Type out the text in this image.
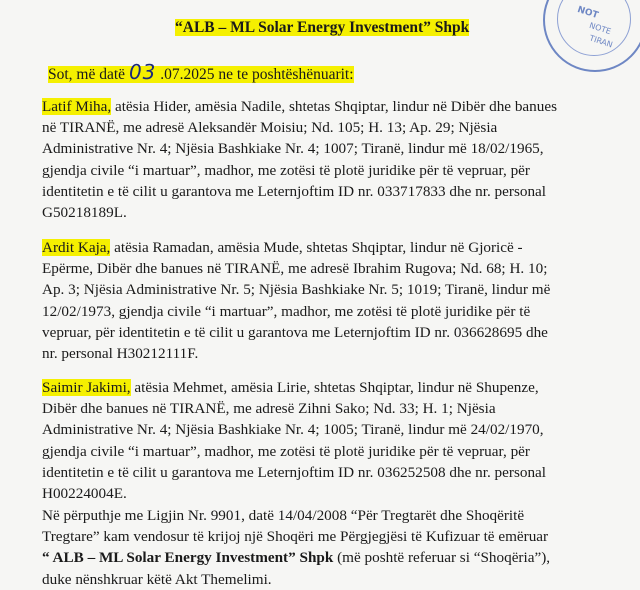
NOT
NOTE
TIRAN
“ALB – ML Solar Energy Investment” Shpk
Sot, më datë 03 .07.2025 ne te poshtëshënuarit:

Latif Miha, atësia Hider, amësia Nadile, shtetas Shqiptar, lindur në Dibër dhe banues
në TIRANË, me adresë Aleksandër Moisiu; Nd. 105; H. 13; Ap. 29; Njësia
Administrative Nr. 4; Njësia Bashkiake Nr. 4; 1007; Tiranë, lindur më 18/02/1965,
gjendja civile “i martuar”, madhor, me zotësi të plotë juridike për të vepruar, për
identitetin e të cilit u garantova me Leternjoftim ID nr. 033717833 dhe nr. personal
G50218189L.

Ardit Kaja, atësia Ramadan, amësia Mude, shtetas Shqiptar, lindur në Gjoricë -
Epërme, Dibër dhe banues në TIRANË, me adresë Ibrahim Rugova; Nd. 68; H. 10;
Ap. 3; Njësia Administrative Nr. 5; Njësia Bashkiake Nr. 5; 1019; Tiranë, lindur më
12/02/1973, gjendja civile “i martuar”, madhor, me zotësi të plotë juridike për të
vepruar, për identitetin e të cilit u garantova me Leternjoftim ID nr. 036628695 dhe
nr. personal H30212111F.

Saimir Jakimi, atësia Mehmet, amësia Lirie, shtetas Shqiptar, lindur në Shupenze,
Dibër dhe banues në TIRANË, me adresë Zihni Sako; Nd. 33; H. 1; Njësia
Administrative Nr. 4; Njësia Bashkiake Nr. 4; 1005; Tiranë, lindur më 24/02/1970,
gjendja civile “i martuar”, madhor, me zotësi të plotë juridike për të vepruar, për
identitetin e të cilit u garantova me Leternjoftim ID nr. 036252508 dhe nr. personal
H00224004E.

Në përputhje me Ligjin Nr. 9901, datë 14/04/2008 “Për Tregtarët dhe Shoqëritë
Tregtare” kam vendosur të krijoj një Shoqëri me Përgjegjësi të Kufizuar të emëruar
“ ALB – ML Solar Energy Investment” Shpk (më poshtë referuar si “Shoqëria”),
duke nënshkruar këtë Akt Themelimi.
